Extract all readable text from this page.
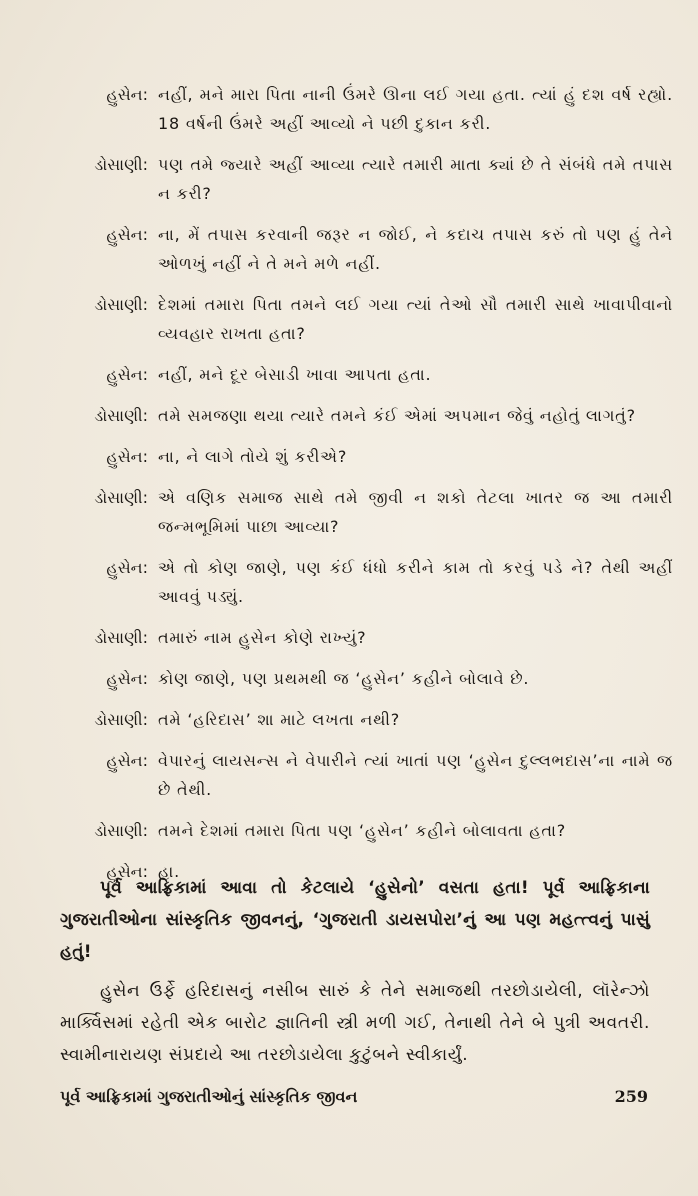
હુસેન: નહીં, મને મારા પિતા નાની ઉંમરે ઊના લઈ ગયા હતા. ત્યાં હું દશ વર્ષ રહ્યો. 18 વર્ષની ઉંમરે અહીં આવ્યો ને પછી દુકાન કરી.
ડોસાણી: પણ તમે જ્યારે અહીં આવ્યા ત્યારે તમારી માતા ક્યાં છે તે સંબંધે તમે તપાસ ન કરી?
હુસેન: ના, મેં તપાસ કરવાની જરૂર ન જોઈ, ને કદાચ તપાસ કરું તો પણ હું તેને ઓળખું નહીં ને તે મને મળે નહીં.
ડોસાણી: દેશમાં તમારા પિતા તમને લઈ ગયા ત્યાં તેઓ સૌ તમારી સાથે ખાવાપીવાનો વ્યવહાર રાખતા હતા?
હુસેન: નહીં, મને દૂર બેસાડી ખાવા આપતા હતા.
ડોસાણી: તમે સમજણા થયા ત્યારે તમને કંઈ એમાં અપમાન જેવું નહોતું લાગતું?
હુસેન: ના, ને લાગે તોયે શું કરીએ?
ડોસાણી: એ વણિક સમાજ સાથે તમે જીવી ન શકો તેટલા ખાતર જ આ તમારી જન્મભૂમિમાં પાછા આવ્યા?
હુસેન: એ તો કોણ જાણે, પણ કંઈ ધંધો કરીને કામ તો કરવું પડે ને? તેથી અહીં આવવું પડ્યું.
ડોસાણી: તમારું નામ હુસેન કોણે રાખ્યું?
હુસેન: કોણ જાણે, પણ પ્રથમથી જ ‘હુસેન’ કહીને બોલાવે છે.
ડોસાણી: તમે ‘હરિદાસ’ શા માટે લખતા નથી?
હુસેન: વેપારનું લાયસન્સ ને વેપારીને ત્યાં ખાતાં પણ ‘હુસેન દુલ્લભદાસ’ના નામે જ છે તેથી.
ડોસાણી: તમને દેશમાં તમારા પિતા પણ ‘હુસેન’ કહીને બોલાવતા હતા?
હુસેન: હા.

પૂર્વ આફ્રિકામાં આવા તો કેટલાયે ‘હુસેનો’ વસતા હતા! પૂર્વ આફ્રિકાના ગુજરાતીઓના સાંસ્કૃતિક જીવનનું, ‘ગુજરાતી ડાયસપોરા’નું આ પણ મહત્ત્વનું પાસું હતું!

હુસેન ઉર્ફે હરિદાસનું નસીબ સારું કે તેને સમાજથી તરછોડાયેલી, લૉરેન્ઝો માર્ક્વિસમાં રહેતી એક બારોટ જ્ઞાતિની સ્ત્રી મળી ગઈ, તેનાથી તેને બે પુત્રી અવતરી. સ્વામીનારાયણ સંપ્રદાયે આ તરછોડાયેલા કુટુંબને સ્વીકાર્યું.

પૂર્વ આફ્રિકામાં ગુજરાતીઓનું સાંસ્કૃતિક જીવન	259
